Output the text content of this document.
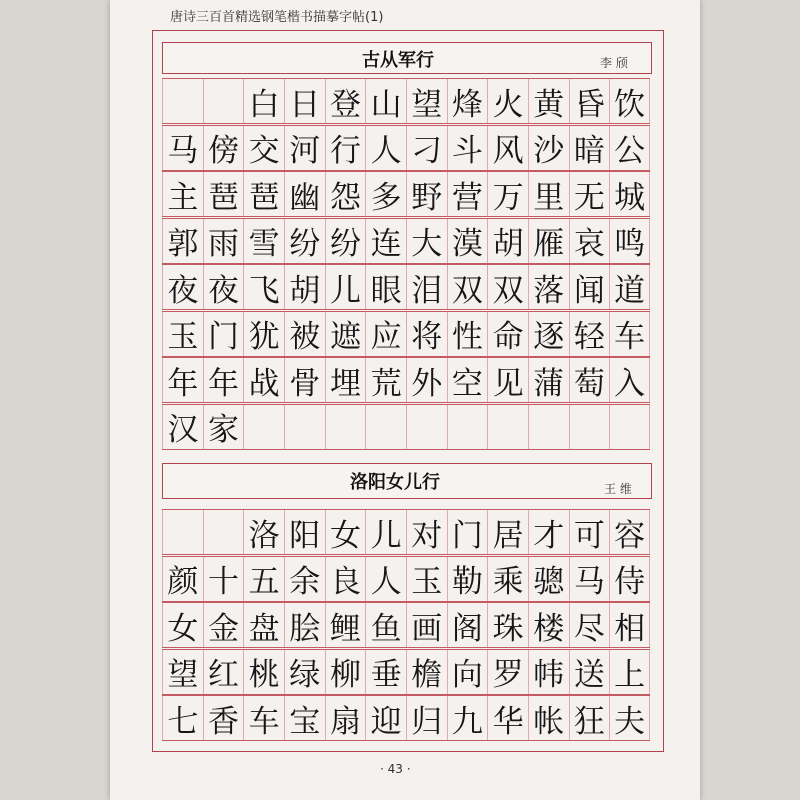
唐诗三百首精选钢笔楷书描摹字帖(1)
古从军行	李 颀
洛阳女儿行	王 维
白 日 登 山 望 烽 火 黄 昏 饮
马 傍 交 河 行 人 刁 斗 风 沙 暗 公
主 琶 琶 幽 怨 多 野 营 万 里 无 城
郭 雨 雪 纷 纷 连 大 漠 胡 雁 哀 鸣
夜 夜 飞 胡 儿 眼 泪 双 双 落 闻 道
玉 门 犹 被 遮 应 将 性 命 逐 轻 车
年 年 战 骨 埋 荒 外 空 见 蒲 萄 入
汉 家
洛 阳 女 儿 对 门 居 才 可 容
颜 十 五 余 良 人 玉 勒 乘 骢 马 侍
女 金 盘 脍 鲤 鱼 画 阁 珠 楼 尽 相
望 红 桃 绿 柳 垂 檐 向 罗 帏 送 上
七 香 车 宝 扇 迎 归 九 华 帐 狂 夫
· 43 ·
